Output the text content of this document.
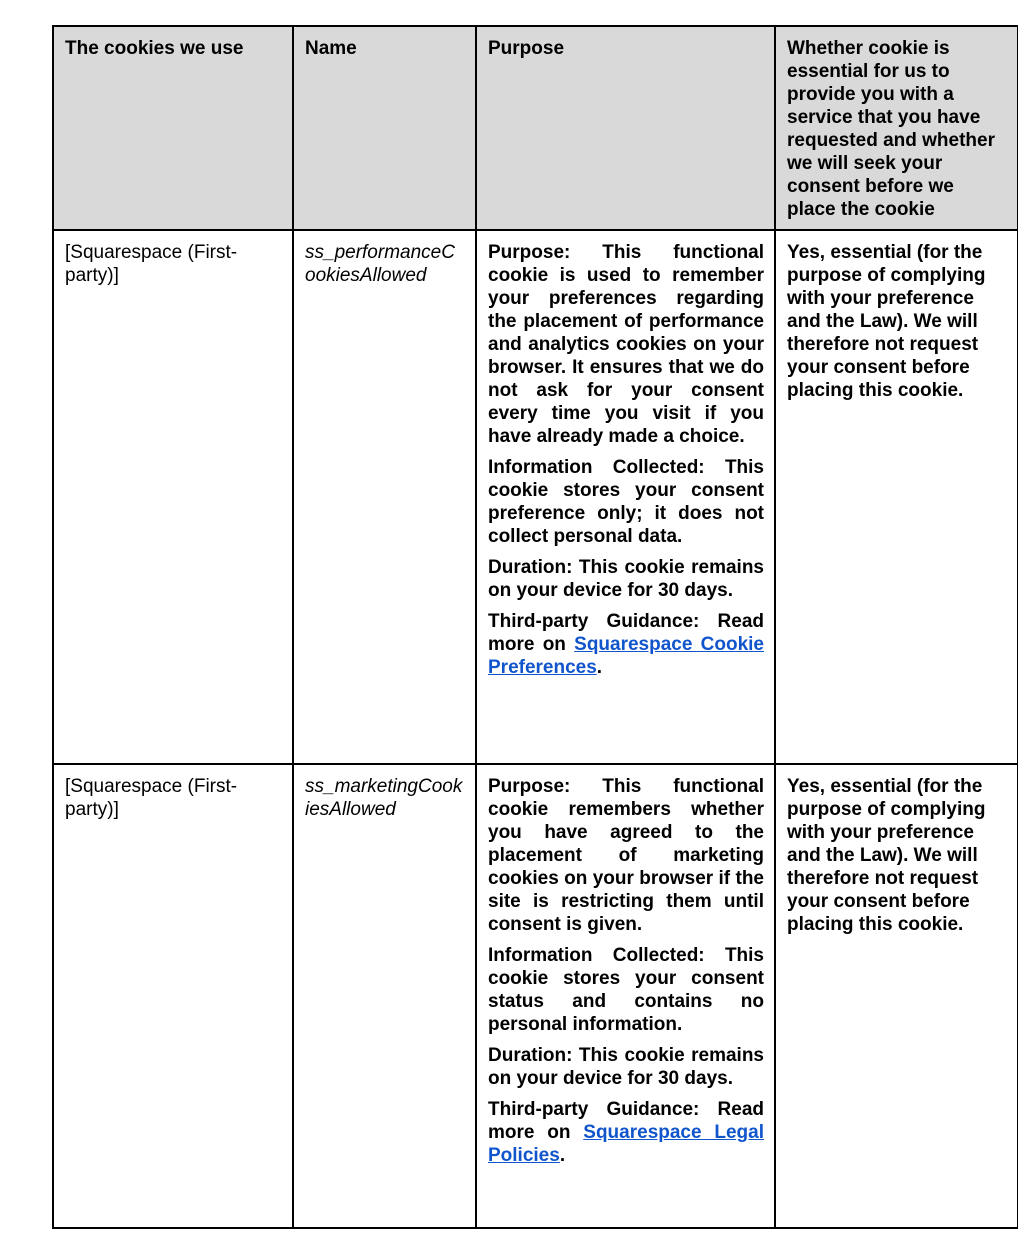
The cookies we use	Name	Purpose	Whether cookie is essential for us to provide you with a service that you have requested and whether we will seek your consent before we place the cookie
[Squarespace (First-party)]	ss_performanceCookiesAllowed	Purpose: This functional cookie is used to remember your preferences regarding the placement of performance and analytics cookies on your browser. It ensures that we do not ask for your consent every time you visit if you have already made a choice.
Information Collected: This cookie stores your consent preference only; it does not collect personal data.
Duration: This cookie remains on your device for 30 days.
Third-party Guidance: Read more on Squarespace Cookie Preferences.	Yes, essential (for the purpose of complying with your preference and the Law). We will therefore not request your consent before placing this cookie.
[Squarespace (First-party)]	ss_marketingCookiesAllowed	Purpose: This functional cookie remembers whether you have agreed to the placement of marketing cookies on your browser if the site is restricting them until consent is given.
Information Collected: This cookie stores your consent status and contains no personal information.
Duration: This cookie remains on your device for 30 days.
Third-party Guidance: Read more on Squarespace Legal Policies.	Yes, essential (for the purpose of complying with your preference and the Law). We will therefore not request your consent before placing this cookie.
